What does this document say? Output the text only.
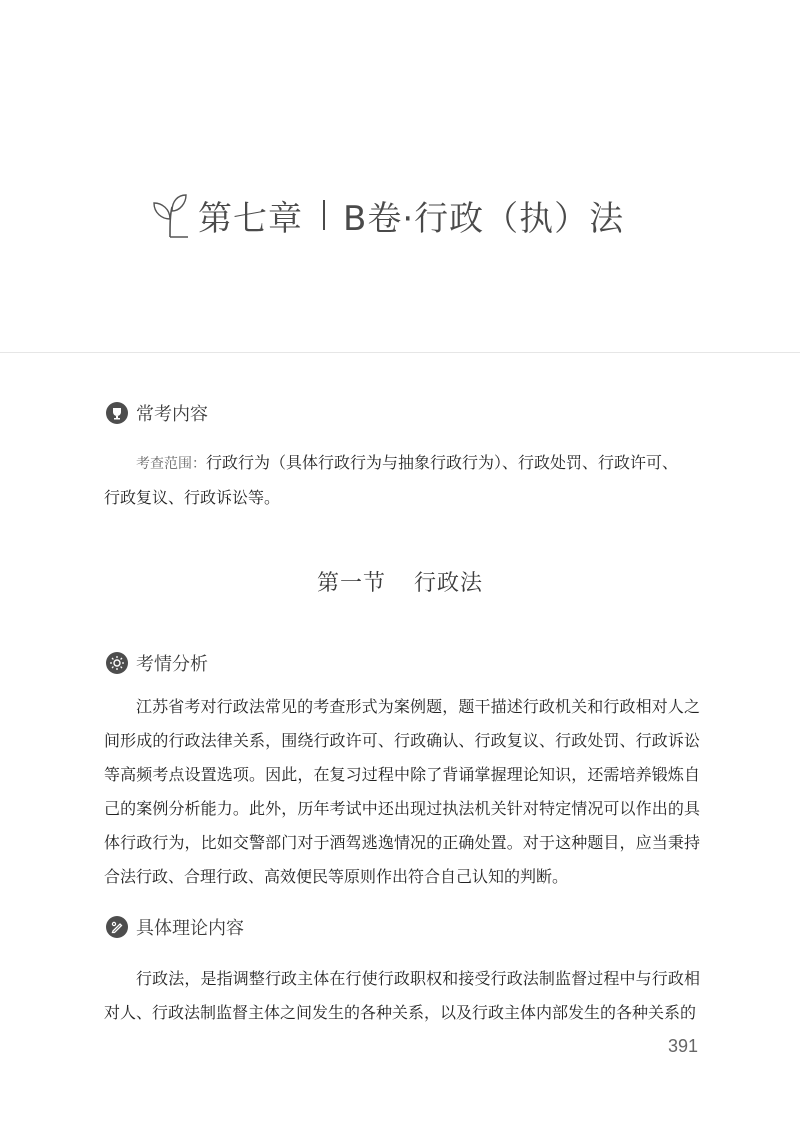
第七章 B卷·行政（执）法
常考内容
考查范围：行政行为（具体行政行为与抽象行政行为）、行政处罚、行政许可、
行政复议、行政诉讼等。
第一节 行政法
考情分析
江苏省考对行政法常见的考查形式为案例题，题干描述行政机关和行政相对人之间形成的行政法律关系，围绕行政许可、行政确认、行政复议、行政处罚、行政诉讼等高频考点设置选项。因此，在复习过程中除了背诵掌握理论知识，还需培养锻炼自己的案例分析能力。此外，历年考试中还出现过执法机关针对特定情况可以作出的具体行政行为，比如交警部门对于酒驾逃逸情况的正确处置。对于这种题目，应当秉持合法行政、合理行政、高效便民等原则作出符合自己认知的判断。
具体理论内容
行政法，是指调整行政主体在行使行政职权和接受行政法制监督过程中与行政相对人、行政法制监督主体之间发生的各种关系，以及行政主体内部发生的各种关系的
391
